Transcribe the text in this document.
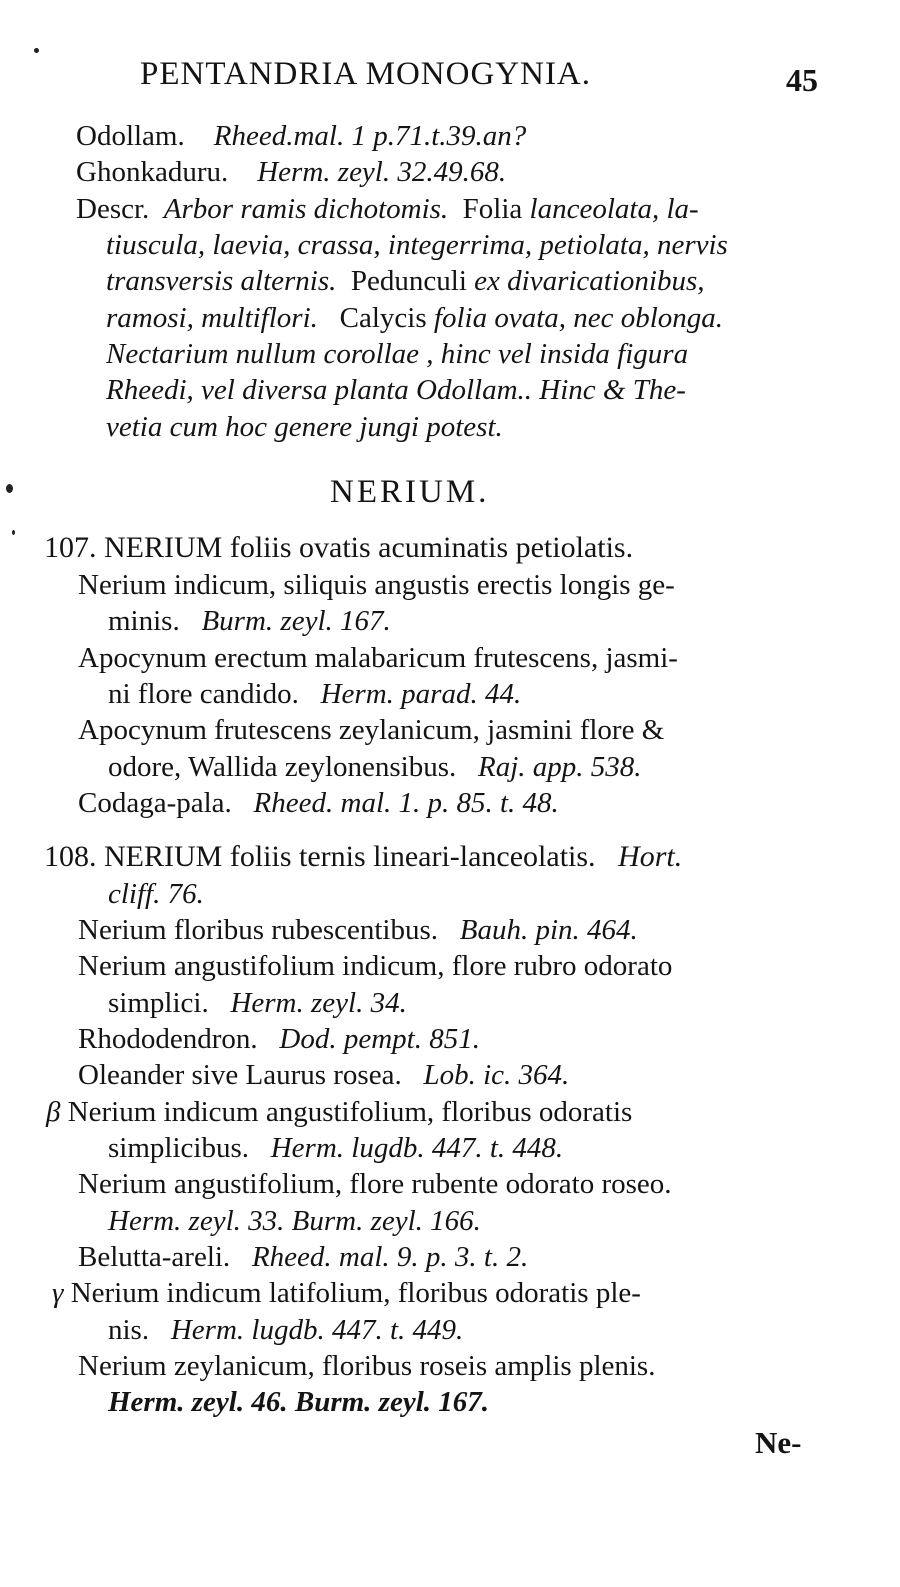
PENTANDRIA MONOGYNIA.	45
Odollam. Rheed.mal. 1 p.71.t.39.an?
Ghonkaduru. Herm. zeyl. 32.49.68.
Descr. Arbor ramis dichotomis. Folia lanceolata, la-
tiuscula, laevia, crassa, integerrima, petiolata, nervis
transversis alternis. Pedunculi ex divaricationibus,
ramosi, multiflori. Calycis folia ovata, nec oblonga.
Nectarium nullum corollae , hinc vel insida figura
Rheedi, vel diversa planta Odollam.. Hinc & The-
vetia cum hoc genere jungi potest.
NERIUM.
107. NERIUM foliis ovatis acuminatis petiolatis.
Nerium indicum, siliquis angustis erectis longis ge-
minis. Burm. zeyl. 167.
Apocynum erectum malabaricum frutescens, jasmi-
ni flore candido. Herm. parad. 44.
Apocynum frutescens zeylanicum, jasmini flore &
odore, Wallida zeylonensibus. Raj. app. 538.
Codaga-pala. Rheed. mal. 1. p. 85. t. 48.
108. NERIUM foliis ternis lineari-lanceolatis. Hort.
cliff. 76.
Nerium floribus rubescentibus. Bauh. pin. 464.
Nerium angustifolium indicum, flore rubro odorato
simplici. Herm. zeyl. 34.
Rhododendron. Dod. pempt. 851.
Oleander sive Laurus rosea. Lob. ic. 364.
β Nerium indicum angustifolium, floribus odoratis
simplicibus. Herm. lugdb. 447. t. 448.
Nerium angustifolium, flore rubente odorato roseo.
Herm. zeyl. 33. Burm. zeyl. 166.
Belutta-areli. Rheed. mal. 9. p. 3. t. 2.
γ Nerium indicum latifolium, floribus odoratis ple-
nis. Herm. lugdb. 447. t. 449.
Nerium zeylanicum, floribus roseis amplis plenis.
Herm. zeyl. 46. Burm. zeyl. 167.
Ne-
